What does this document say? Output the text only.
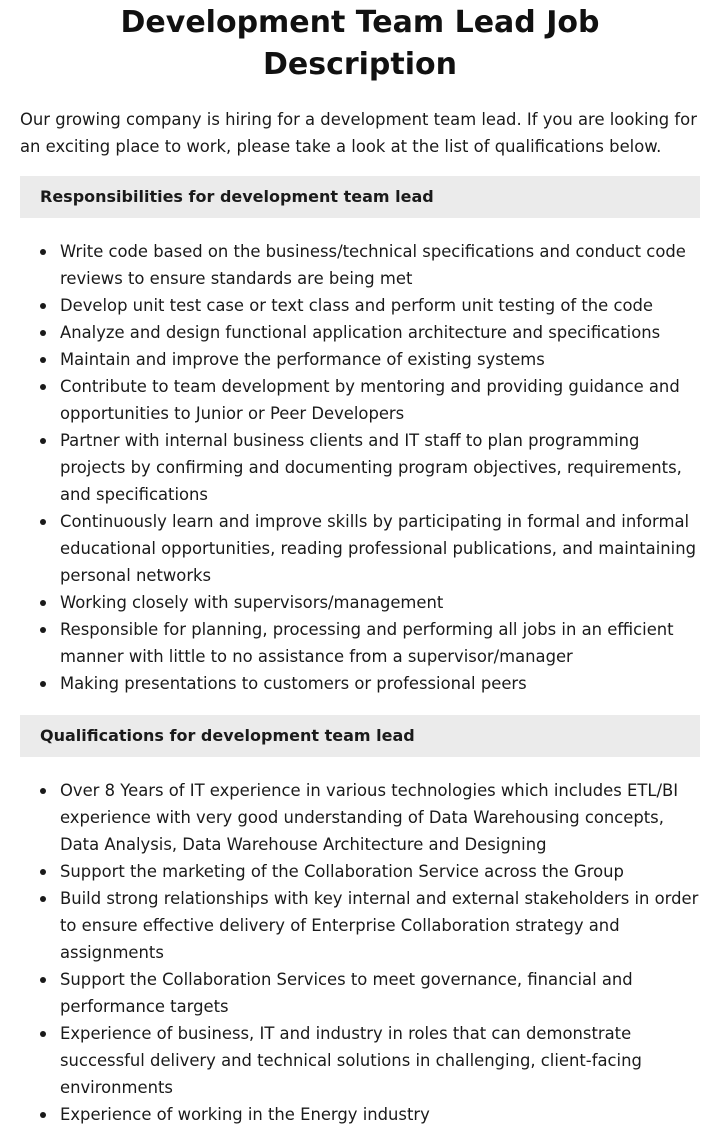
Development Team Lead Job Description

Our growing company is hiring for a development team lead. If you are looking for an exciting place to work, please take a look at the list of qualifications below.

Responsibilities for development team lead
Write code based on the business/technical specifications and conduct code reviews to ensure standards are being met
Develop unit test case or text class and perform unit testing of the code
Analyze and design functional application architecture and specifications
Maintain and improve the performance of existing systems
Contribute to team development by mentoring and providing guidance and opportunities to Junior or Peer Developers
Partner with internal business clients and IT staff to plan programming projects by confirming and documenting program objectives, requirements, and specifications
Continuously learn and improve skills by participating in formal and informal educational opportunities, reading professional publications, and maintaining personal networks
Working closely with supervisors/management
Responsible for planning, processing and performing all jobs in an efficient manner with little to no assistance from a supervisor/manager
Making presentations to customers or professional peers
Qualifications for development team lead
Over 8 Years of IT experience in various technologies which includes ETL/BI experience with very good understanding of Data Warehousing concepts, Data Analysis, Data Warehouse Architecture and Designing
Support the marketing of the Collaboration Service across the Group
Build strong relationships with key internal and external stakeholders in order to ensure effective delivery of Enterprise Collaboration strategy and assignments
Support the Collaboration Services to meet governance, financial and performance targets
Experience of business, IT and industry in roles that can demonstrate successful delivery and technical solutions in challenging, client-facing environments
Experience of working in the Energy industry
